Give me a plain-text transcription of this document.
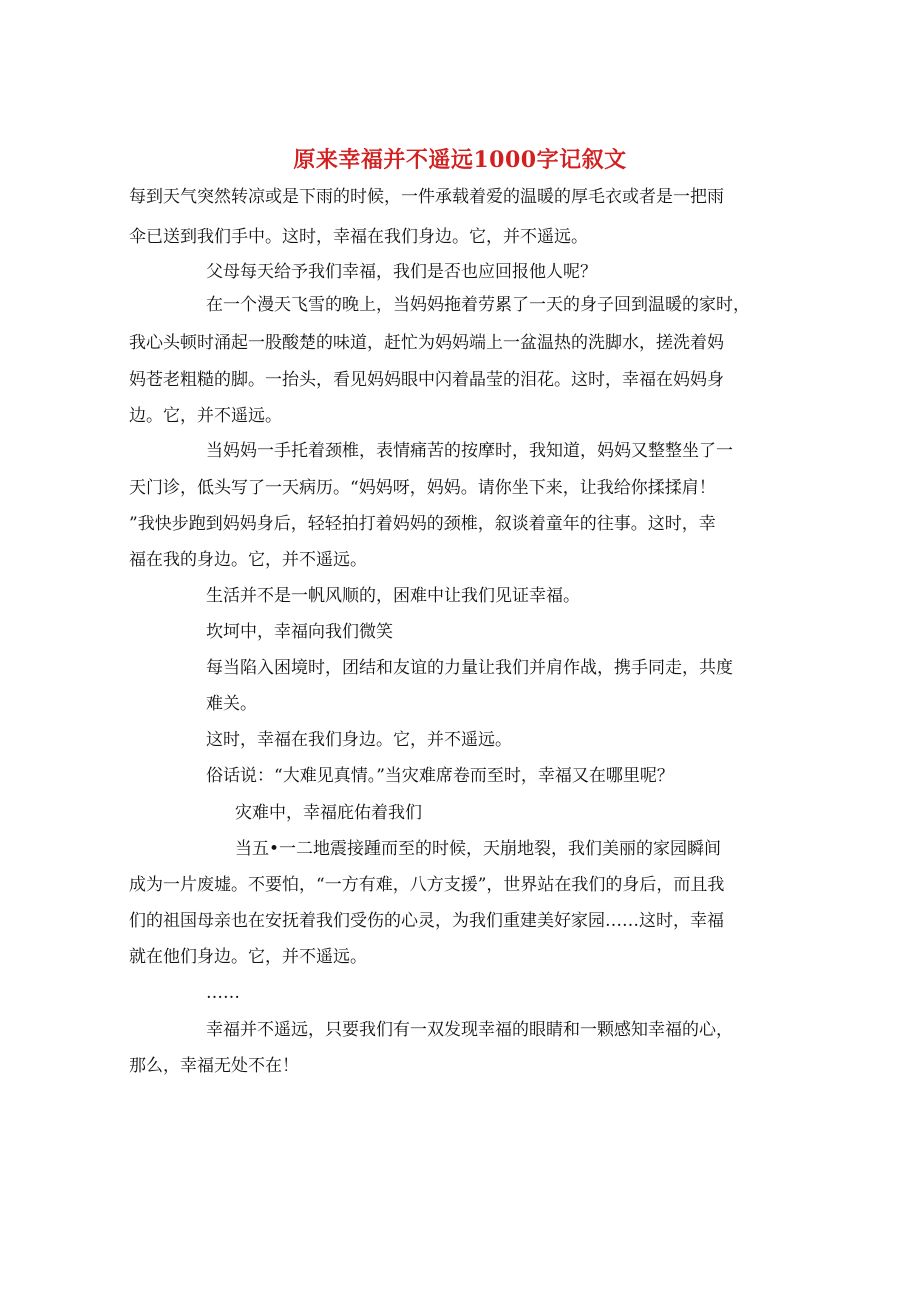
原来幸福并不遥远1000字记叙文
每到天气突然转凉或是下雨的时候，一件承载着爱的温暖的厚毛衣或者是一把雨
伞已送到我们手中。这时，幸福在我们身边。它，并不遥远。
父母每天给予我们幸福，我们是否也应回报他人呢？
在一个漫天飞雪的晚上，当妈妈拖着劳累了一天的身子回到温暖的家时，
我心头顿时涌起一股酸楚的味道，赶忙为妈妈端上一盆温热的洗脚水，搓洗着妈
妈苍老粗糙的脚。一抬头，看见妈妈眼中闪着晶莹的泪花。这时，幸福在妈妈身
边。它，并不遥远。
当妈妈一手托着颈椎，表情痛苦的按摩时，我知道，妈妈又整整坐了一
天门诊，低头写了一天病历。“妈妈呀，妈妈。请你坐下来，让我给你揉揉肩！
”我快步跑到妈妈身后，轻轻拍打着妈妈的颈椎，叙谈着童年的往事。这时，幸
福在我的身边。它，并不遥远。
生活并不是一帆风顺的，困难中让我们见证幸福。
坎坷中，幸福向我们微笑
每当陷入困境时，团结和友谊的力量让我们并肩作战，携手同走，共度
难关。
这时，幸福在我们身边。它，并不遥远。
俗话说：“大难见真情。”当灾难席卷而至时，幸福又在哪里呢？
灾难中，幸福庇佑着我们
当五•一二地震接踵而至的时候，天崩地裂，我们美丽的家园瞬间
成为一片废墟。不要怕，“一方有难，八方支援”，世界站在我们的身后，而且我
们的祖国母亲也在安抚着我们受伤的心灵，为我们重建美好家园……这时，幸福
就在他们身边。它，并不遥远。
……
幸福并不遥远，只要我们有一双发现幸福的眼睛和一颗感知幸福的心，
那么，幸福无处不在！
